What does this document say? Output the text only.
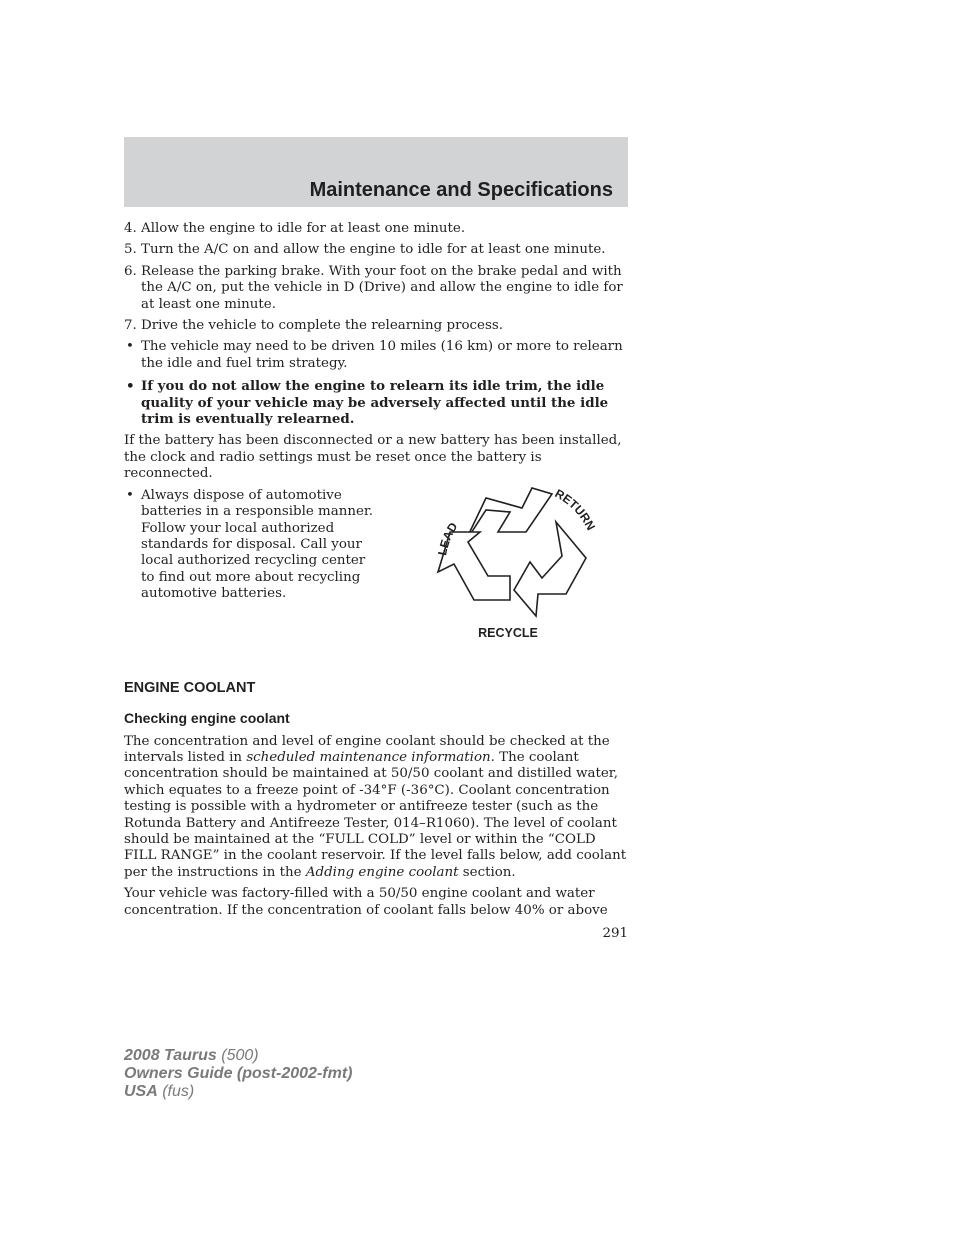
Maintenance and Specifications

4. Allow the engine to idle for at least one minute.

5. Turn the A/C on and allow the engine to idle for at least one minute.

6. Release the parking brake. With your foot on the brake pedal and with the A/C on, put the vehicle in D (Drive) and allow the engine to idle for at least one minute.

7. Drive the vehicle to complete the relearning process.

• The vehicle may need to be driven 10 miles (16 km) or more to relearn the idle and fuel trim strategy.
• If you do not allow the engine to relearn its idle trim, the idle quality of your vehicle may be adversely affected until the idle trim is eventually relearned.

If the battery has been disconnected or a new battery has been installed, the clock and radio settings must be reset once the battery is reconnected.

• Always dispose of automotive batteries in a responsible manner. Follow your local authorized standards for disposal. Call your local authorized recycling center to find out more about recycling automotive batteries.
LEAD
RETURN
RECYCLE
ENGINE COOLANT
Checking engine coolant

The concentration and level of engine coolant should be checked at the intervals listed in scheduled maintenance information. The coolant concentration should be maintained at 50/50 coolant and distilled water, which equates to a freeze point of -34°F (-36°C). Coolant concentration testing is possible with a hydrometer or antifreeze tester (such as the Rotunda Battery and Antifreeze Tester, 014–R1060). The level of coolant should be maintained at the “FULL COLD” level or within the “COLD FILL RANGE” in the coolant reservoir. If the level falls below, add coolant per the instructions in the Adding engine coolant section.

Your vehicle was factory-filled with a 50/50 engine coolant and water concentration. If the concentration of coolant falls below 40% or above

291
2008 Taurus (500)
Owners Guide (post-2002-fmt)
USA (fus)
